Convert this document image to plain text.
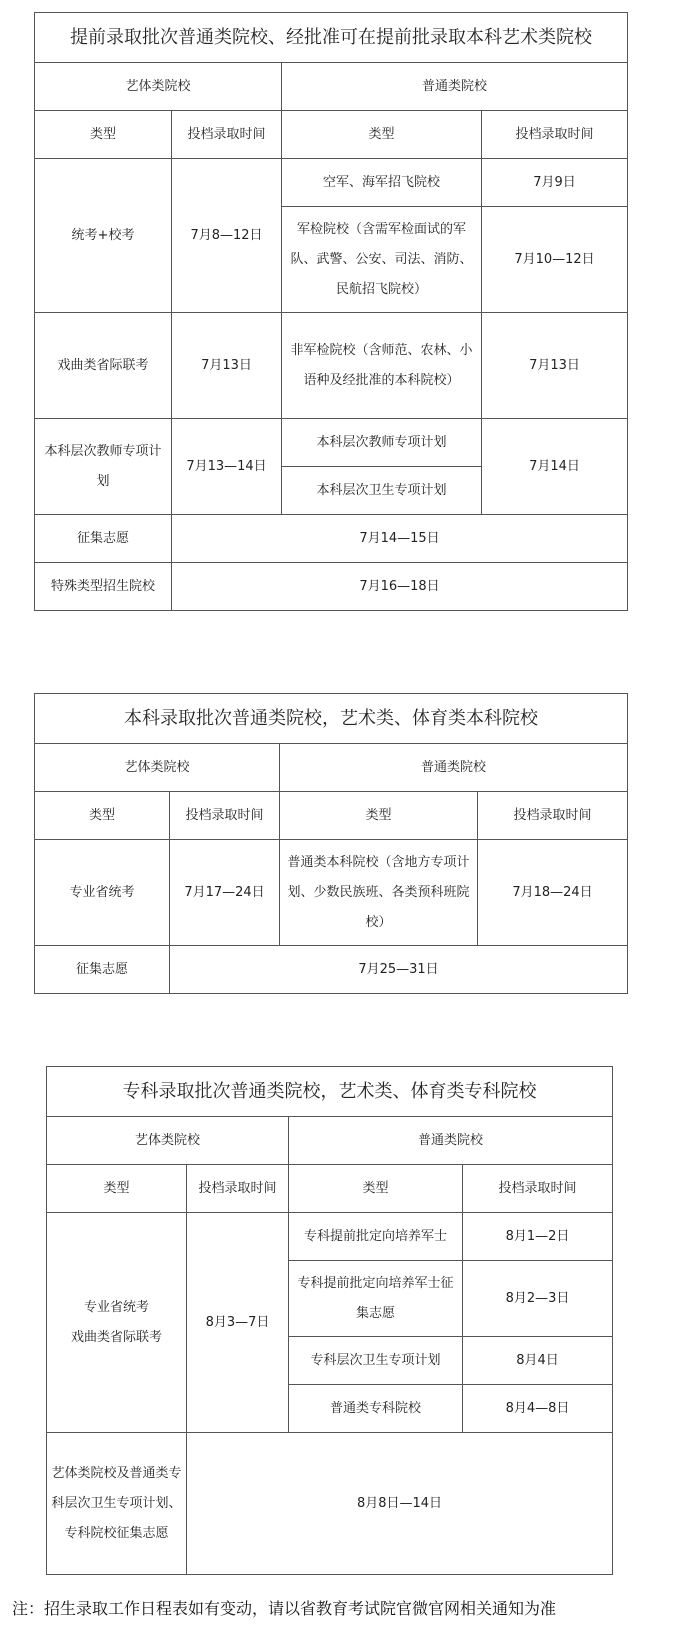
提前录取批次普通类院校、经批准可在提前批录取本科艺术类院校			
艺体类院校		普通类院校	
类型	投档录取时间	类型	投档录取时间
统考+校考	7月8—12日	空军、海军招飞院校	7月9日
		军检院校（含需军检面试的军队、武警、公安、司法、消防、民航招飞院校）	7月10—12日
戏曲类省际联考	7月13日	非军检院校（含师范、农林、小语种及经批准的本科院校）	7月13日
本科层次教师专项计划	7月13—14日	本科层次教师专项计划	7月14日
		本科层次卫生专项计划	
征集志愿	7月14—15日		
特殊类型招生院校	7月16—18日		
本科录取批次普通类院校，艺术类、体育类本科院校			
艺体类院校		普通类院校	
类型	投档录取时间	类型	投档录取时间
专业省统考	7月17—24日	普通类本科院校（含地方专项计划、少数民族班、各类预科班院校）	7月18—24日
征集志愿	7月25—31日		
专科录取批次普通类院校，艺术类、体育类专科院校			
艺体类院校		普通类院校	
类型	投档录取时间	类型	投档录取时间

专业省统考
戏曲类省际联考	8月3—7日	专科提前批定向培养军士	8月1—2日
		专科提前批定向培养军士征集志愿	8月2—3日
		专科层次卫生专项计划	8月4日
		普通类专科院校	8月4—8日
艺体类院校及普通类专科层次卫生专项计划、专科院校征集志愿	8月8日—14日		
注：招生录取工作日程表如有变动，请以省教育考试院官微官网相关通知为准
